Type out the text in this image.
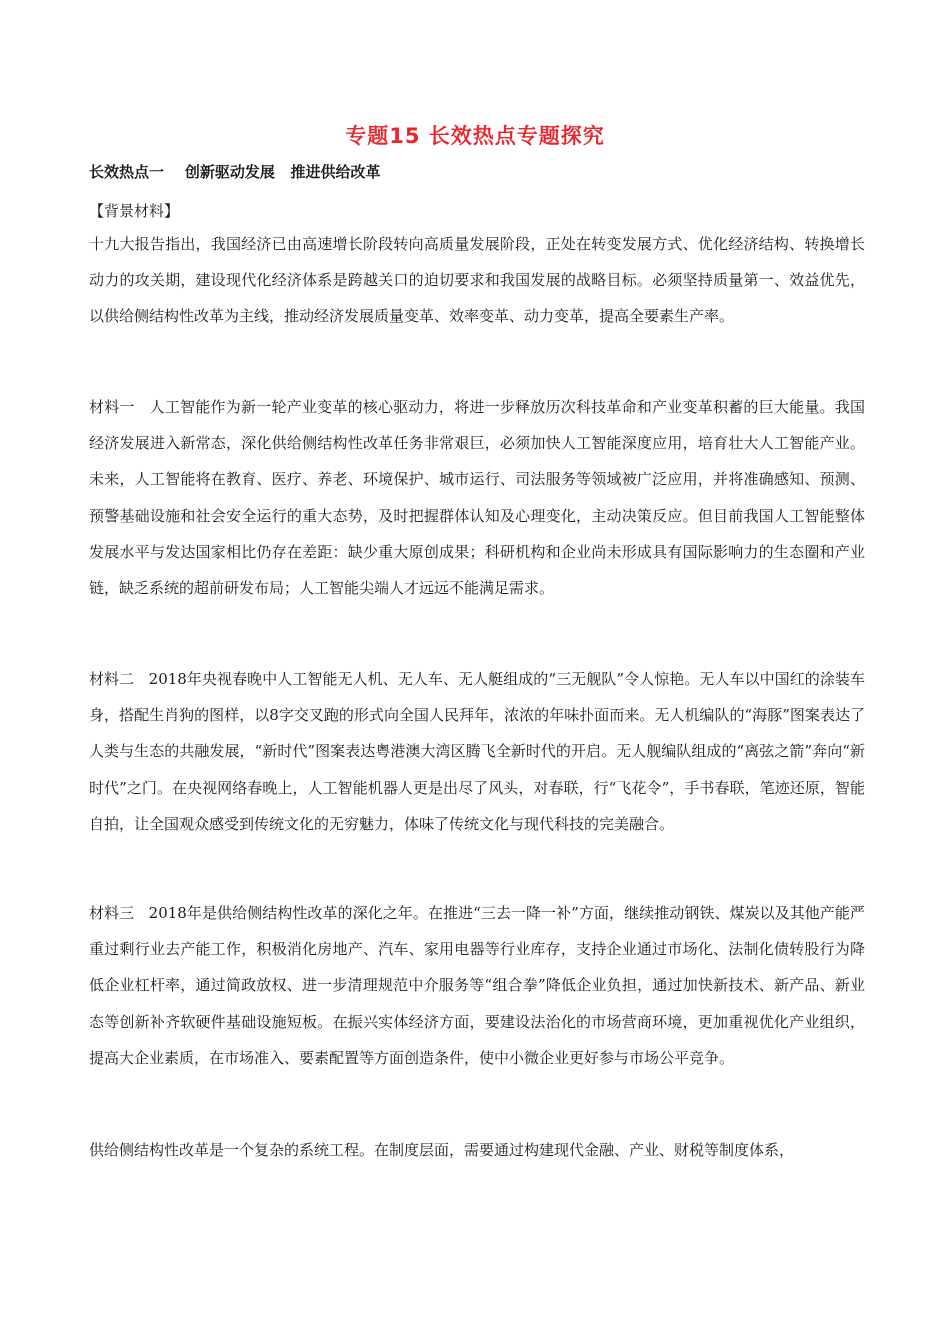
专题15 长效热点专题探究
长效热点一    创新驱动发展   推进供给改革
【背景材料】

十九大报告指出，我国经济已由高速增长阶段转向高质量发展阶段，正处在转变发展方式、优化经济结构、转换增长动力的攻关期，建设现代化经济体系是跨越关口的迫切要求和我国发展的战略目标。必须坚持质量第一、效益优先，以供给侧结构性改革为主线，推动经济发展质量变革、效率变革、动力变革，提高全要素生产率。

材料一   人工智能作为新一轮产业变革的核心驱动力，将进一步释放历次科技革命和产业变革积蓄的巨大能量。我国经济发展进入新常态，深化供给侧结构性改革任务非常艰巨，必须加快人工智能深度应用，培育壮大人工智能产业。未来，人工智能将在教育、医疗、养老、环境保护、城市运行、司法服务等领域被广泛应用，并将准确感知、预测、预警基础设施和社会安全运行的重大态势，及时把握群体认知及心理变化，主动决策反应。但目前我国人工智能整体发展水平与发达国家相比仍存在差距：缺少重大原创成果；科研机构和企业尚未形成具有国际影响力的生态圈和产业链，缺乏系统的超前研发布局；人工智能尖端人才远远不能满足需求。

材料二   2018年央视春晚中人工智能无人机、无人车、无人艇组成的“三无舰队”令人惊艳。无人车以中国红的涂装车身，搭配生肖狗的图样，以8字交叉跑的形式向全国人民拜年，浓浓的年味扑面而来。无人机编队的“海豚”图案表达了人类与生态的共融发展，“新时代”图案表达粤港澳大湾区腾飞全新时代的开启。无人舰编队组成的“离弦之箭”奔向“新时代”之门。在央视网络春晚上，人工智能机器人更是出尽了风头，对春联，行“飞花令”，手书春联，笔迹还原，智能自拍，让全国观众感受到传统文化的无穷魅力，体味了传统文化与现代科技的完美融合。

材料三   2018年是供给侧结构性改革的深化之年。在推进“三去一降一补”方面，继续推动钢铁、煤炭以及其他产能严重过剩行业去产能工作，积极消化房地产、汽车、家用电器等行业库存，支持企业通过市场化、法制化债转股行为降低企业杠杆率，通过简政放权、进一步清理规范中介服务等“组合拳”降低企业负担，通过加快新技术、新产品、新业态等创新补齐软硬件基础设施短板。在振兴实体经济方面，要建设法治化的市场营商环境，更加重视优化产业组织，提高大企业素质，在市场准入、要素配置等方面创造条件，使中小微企业更好参与市场公平竞争。

供给侧结构性改革是一个复杂的系统工程。在制度层面，需要通过构建现代金融、产业、财税等制度体系，
